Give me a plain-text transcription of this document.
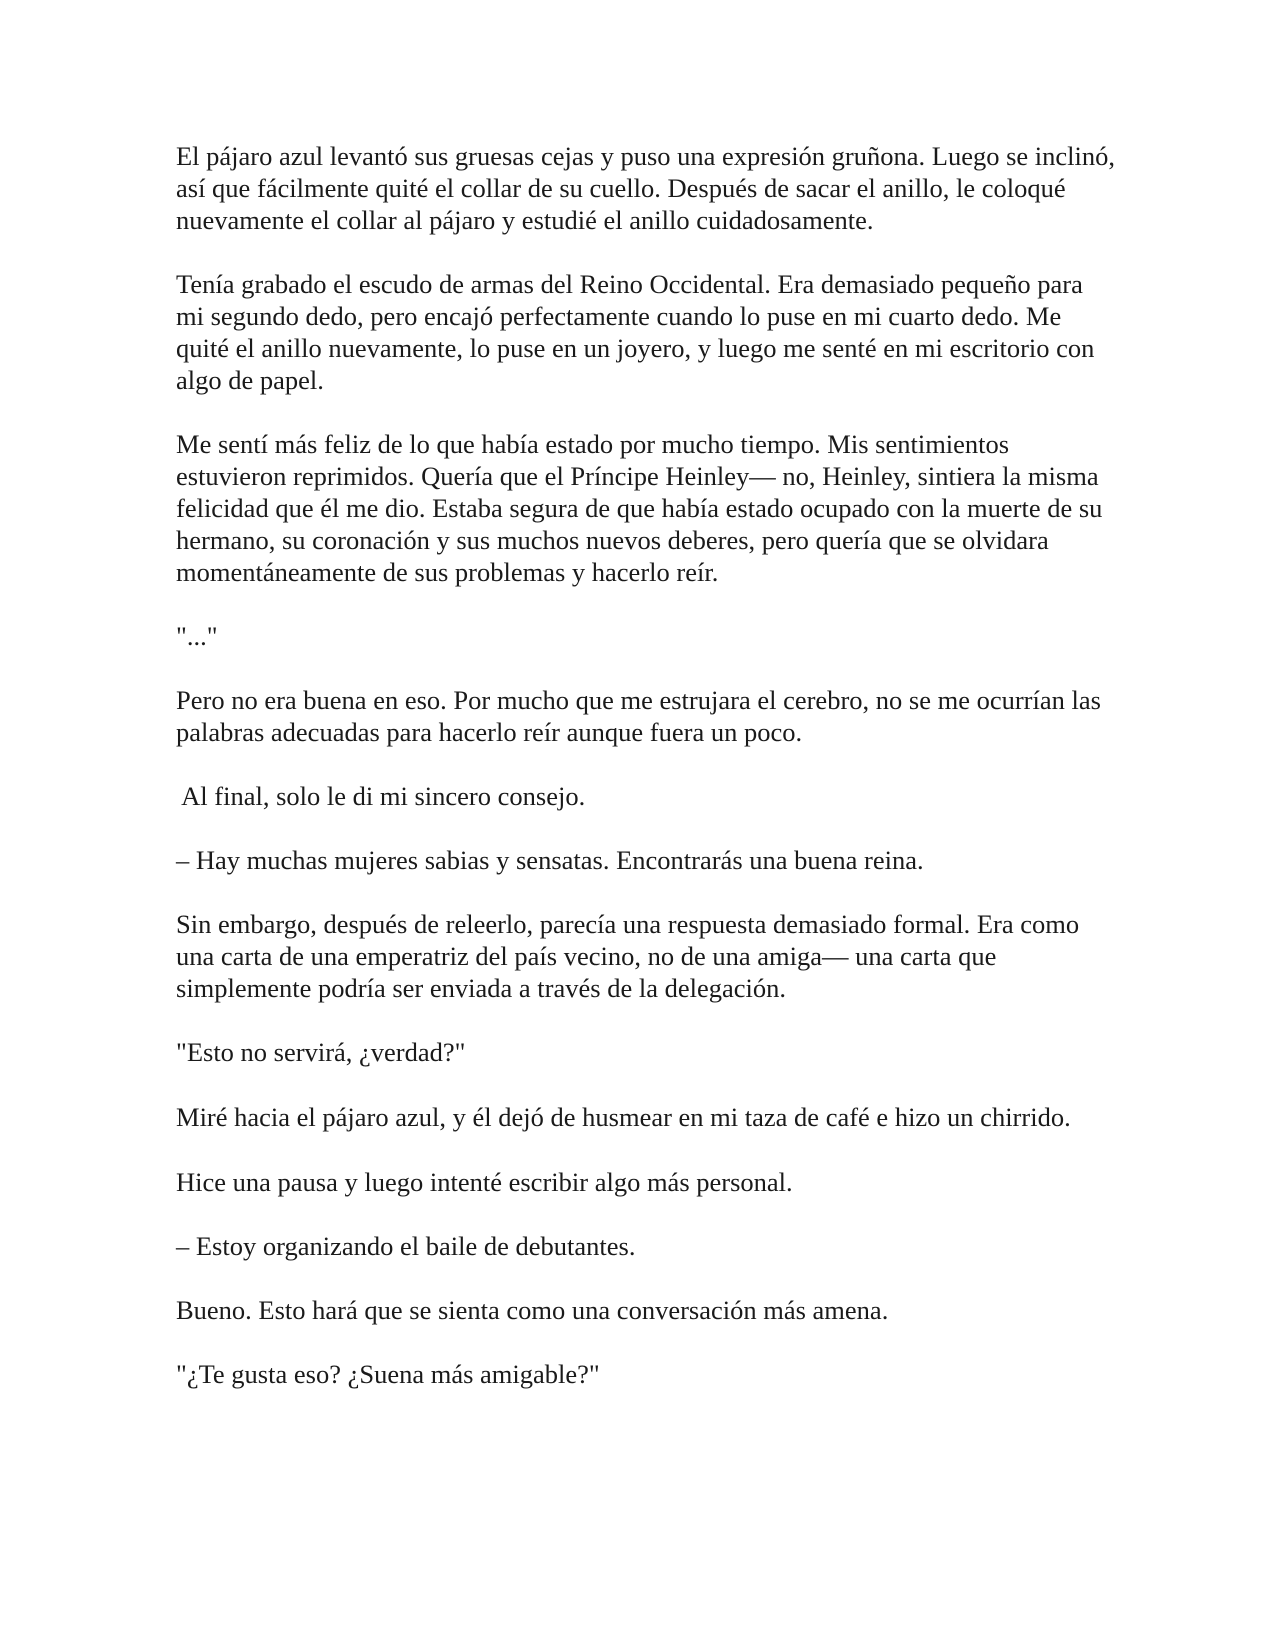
El pájaro azul levantó sus gruesas cejas y puso una expresión gruñona. Luego se inclinó, así que fácilmente quité el collar de su cuello. Después de sacar el anillo, le coloqué nuevamente el collar al pájaro y estudié el anillo cuidadosamente.

Tenía grabado el escudo de armas del Reino Occidental. Era demasiado pequeño para mi segundo dedo, pero encajó perfectamente cuando lo puse en mi cuarto dedo. Me quité el anillo nuevamente, lo puse en un joyero, y luego me senté en mi escritorio con algo de papel.

Me sentí más feliz de lo que había estado por mucho tiempo. Mis sentimientos estuvieron reprimidos. Quería que el Príncipe Heinley— no, Heinley, sintiera la misma felicidad que él me dio. Estaba segura de que había estado ocupado con la muerte de su hermano, su coronación y sus muchos nuevos deberes, pero quería que se olvidara momentáneamente de sus problemas y hacerlo reír.

"..."

Pero no era buena en eso. Por mucho que me estrujara el cerebro, no se me ocurrían las palabras adecuadas para hacerlo reír aunque fuera un poco.

Al final, solo le di mi sincero consejo.

– Hay muchas mujeres sabias y sensatas. Encontrarás una buena reina.

Sin embargo, después de releerlo, parecía una respuesta demasiado formal. Era como una carta de una emperatriz del país vecino, no de una amiga— una carta que simplemente podría ser enviada a través de la delegación.

"Esto no servirá, ¿verdad?"

Miré hacia el pájaro azul, y él dejó de husmear en mi taza de café e hizo un chirrido.

Hice una pausa y luego intenté escribir algo más personal.

– Estoy organizando el baile de debutantes.

Bueno. Esto hará que se sienta como una conversación más amena.

"¿Te gusta eso? ¿Suena más amigable?"
